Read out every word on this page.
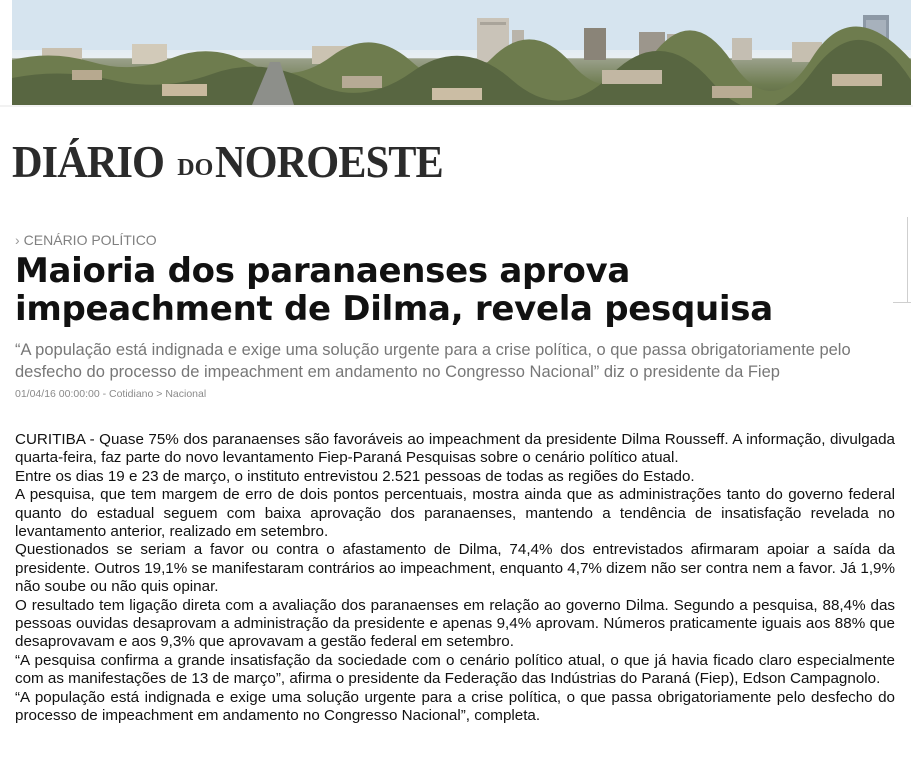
DIÁRIO DO NOROESTE
› CENÁRIO POLÍTICO
Maioria dos paranaenses aprova impeachment de Dilma, revela pesquisa

“A população está indignada e exige uma solução urgente para a crise política, o que passa obrigatoriamente pelo desfecho do processo de impeachment em andamento no Congresso Nacional” diz o presidente da Fiep

01/04/16 00:00:00 - Cotidiano > Nacional

CURITIBA - Quase 75% dos paranaenses são favoráveis ao impeachment da presidente Dilma Rousseff. A informação, divulgada quarta-feira, faz parte do novo levantamento Fiep-Paraná Pesquisas sobre o cenário político atual.

Entre os dias 19 e 23 de março, o instituto entrevistou 2.521 pessoas de todas as regiões do Estado.

A pesquisa, que tem margem de erro de dois pontos percentuais, mostra ainda que as administrações tanto do governo federal quanto do estadual seguem com baixa aprovação dos paranaenses, mantendo a tendência de insatisfação revelada no levantamento anterior, realizado em setembro.

Questionados se seriam a favor ou contra o afastamento de Dilma, 74,4% dos entrevistados afirmaram apoiar a saída da presidente. Outros 19,1% se manifestaram contrários ao impeachment, enquanto 4,7% dizem não ser contra nem a favor. Já 1,9% não soube ou não quis opinar.

O resultado tem ligação direta com a avaliação dos paranaenses em relação ao governo Dilma. Segundo a pesquisa, 88,4% das pessoas ouvidas desaprovam a administração da presidente e apenas 9,4% aprovam. Números praticamente iguais aos 88% que desaprovavam e aos 9,3% que aprovavam a gestão federal em setembro.

“A pesquisa confirma a grande insatisfação da sociedade com o cenário político atual, o que já havia ficado claro especialmente com as manifestações de 13 de março”, afirma o presidente da Federação das Indústrias do Paraná (Fiep), Edson Campagnolo.

“A população está indignada e exige uma solução urgente para a crise política, o que passa obrigatoriamente pelo desfecho do processo de impeachment em andamento no Congresso Nacional”, completa.
